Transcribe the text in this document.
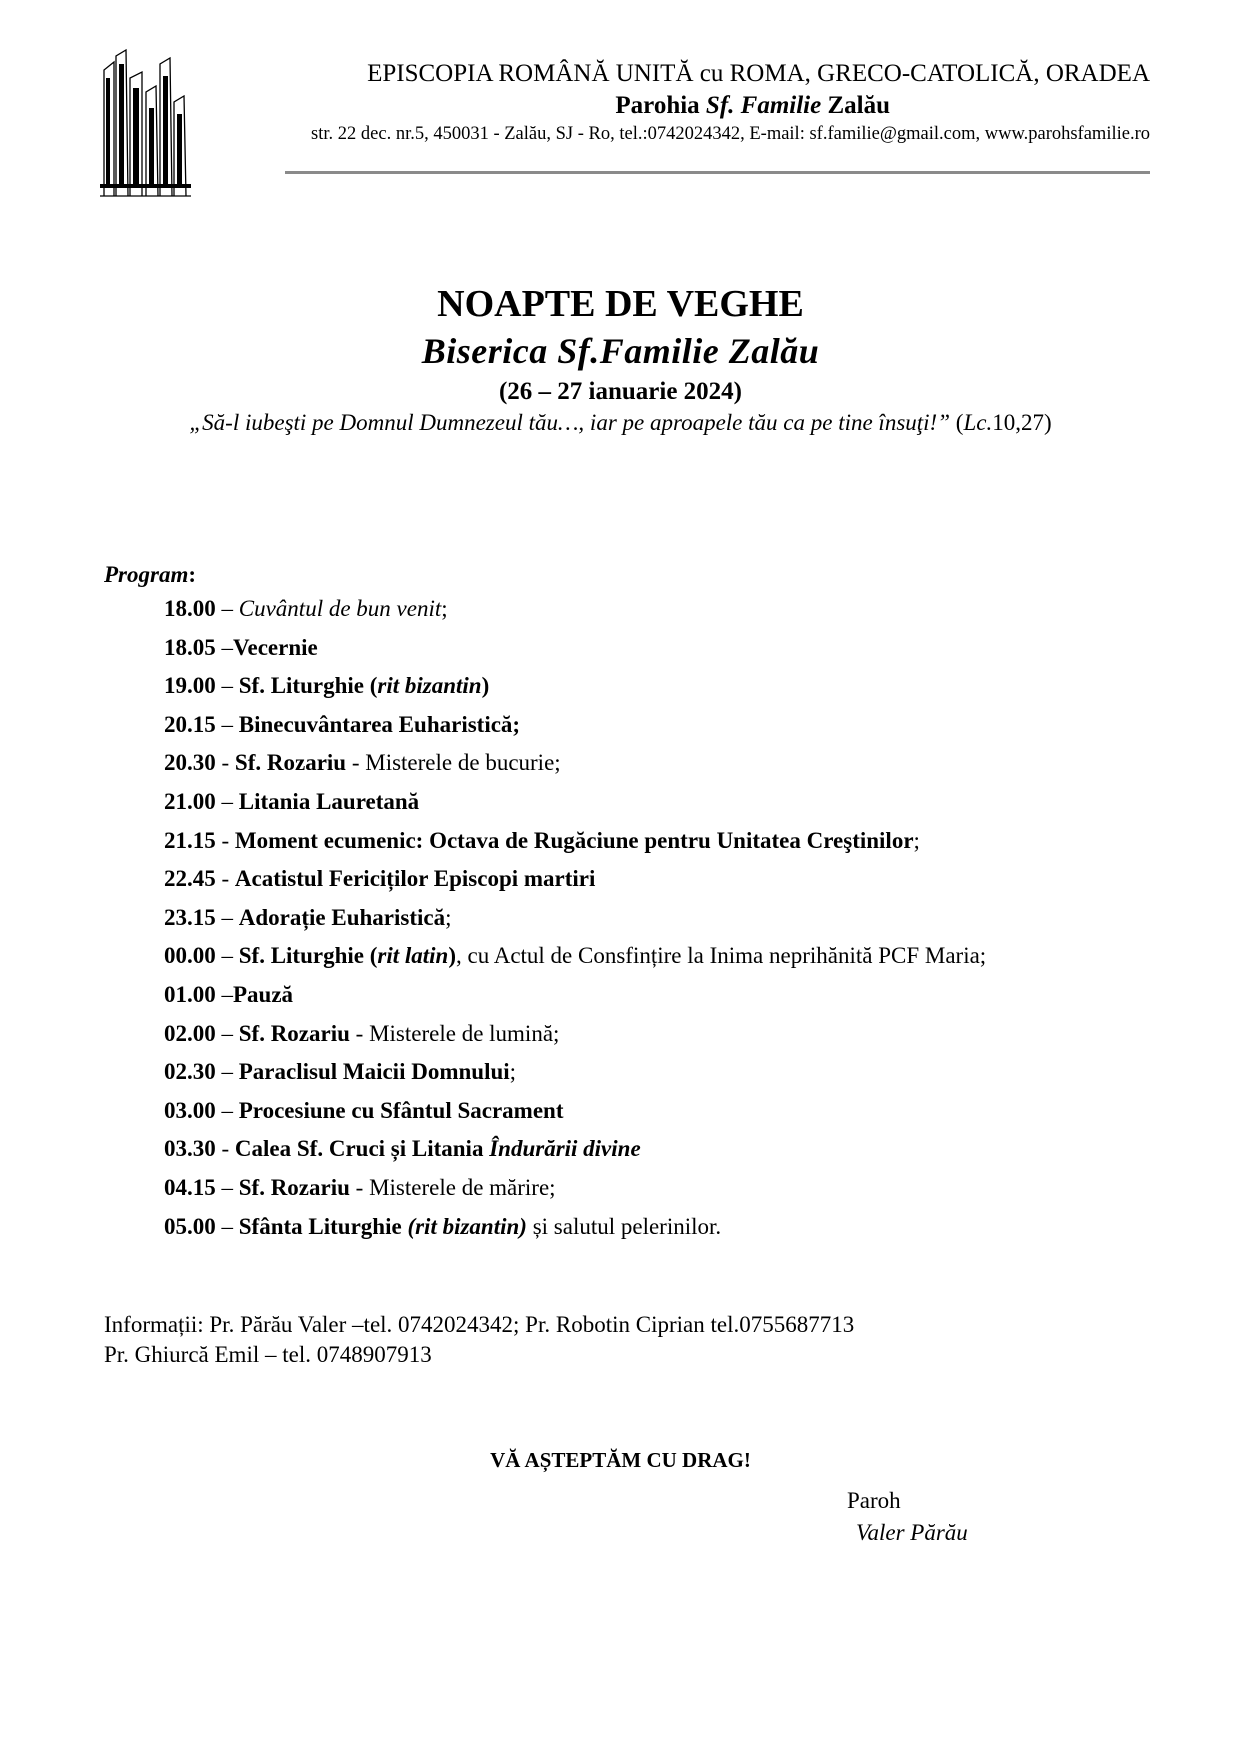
EPISCOPIA ROMÂNĂ UNITĂ cu ROMA, GRECO-CATOLICĂ, ORADEA
Parohia Sf. Familie Zalău
str. 22 dec. nr.5, 450031 - Zalău, SJ - Ro, tel.:0742024342, E-mail: sf.familie@gmail.com, www.parohsfamilie.ro
NOAPTE DE VEGHE
Biserica Sf.Familie Zalău
(26 – 27 ianuarie 2024)
„Să-l iubeşti pe Domnul Dumnezeul tău…, iar pe aproapele tău ca pe tine însuţi!” (Lc.10,27)
Program:
18.00 – Cuvântul de bun venit;
18.05 –Vecernie
19.00 – Sf. Liturghie (rit bizantin)
20.15 – Binecuvântarea Euharistică;
20.30 - Sf. Rozariu - Misterele de bucurie;
21.00 – Litania Lauretană
21.15 - Moment ecumenic: Octava de Rugăciune pentru Unitatea Creştinilor;
22.45 - Acatistul Fericiților Episcopi martiri
23.15 – Adorație Euharistică;
00.00 – Sf. Liturghie (rit latin), cu Actul de Consfințire la Inima neprihănită PCF Maria;
01.00 –Pauză
02.00 – Sf. Rozariu - Misterele de lumină;
02.30 – Paraclisul Maicii Domnului;
03.00 – Procesiune cu Sfântul Sacrament
03.30 - Calea Sf. Cruci și Litania Îndurării divine
04.15 – Sf. Rozariu - Misterele de mărire;
05.00 – Sfânta Liturghie (rit bizantin) și salutul pelerinilor.
Informații: Pr. Părău Valer –tel. 0742024342; Pr. Robotin Ciprian tel.0755687713
Pr. Ghiurcă Emil – tel. 0748907913
VĂ AȘTEPTĂM CU DRAG!
Paroh
Valer Părău
